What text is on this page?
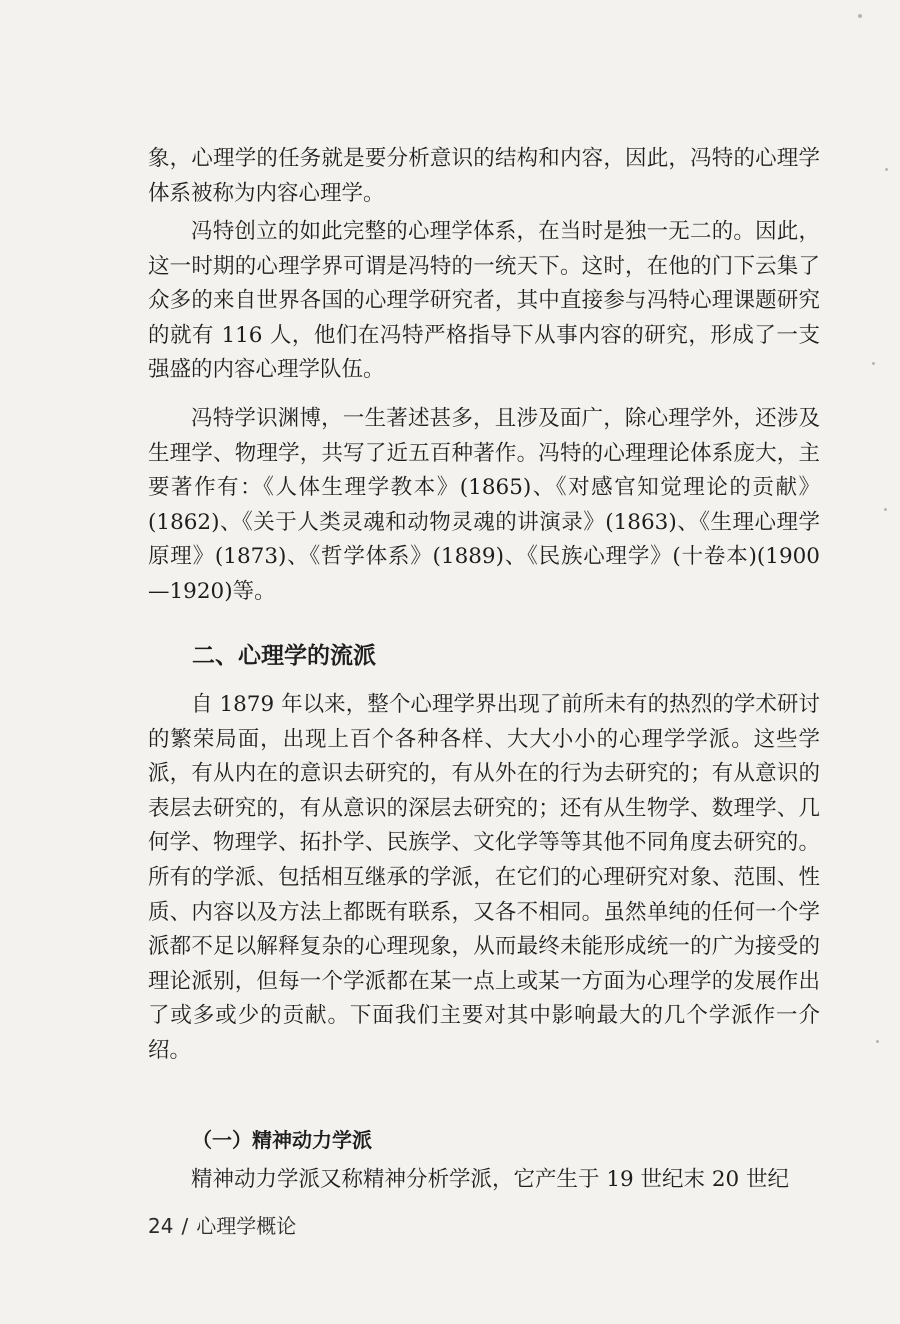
象，心理学的任务就是要分析意识的结构和内容，因此，冯特的心理学体系被称为内容心理学。

冯特创立的如此完整的心理学体系，在当时是独一无二的。因此，这一时期的心理学界可谓是冯特的一统天下。这时，在他的门下云集了众多的来自世界各国的心理学研究者，其中直接参与冯特心理课题研究的就有 116 人，他们在冯特严格指导下从事内容的研究，形成了一支强盛的内容心理学队伍。

冯特学识渊博，一生著述甚多，且涉及面广，除心理学外，还涉及生理学、物理学，共写了近五百种著作。冯特的心理理论体系庞大，主要著作有：《人体生理学教本》(1865)、《对感官知觉理论的贡献》(1862)、《关于人类灵魂和动物灵魂的讲演录》(1863)、《生理心理学原理》(1873)、《哲学体系》(1889)、《民族心理学》(十卷本)(1900—1920)等。

二、心理学的流派

自 1879 年以来，整个心理学界出现了前所未有的热烈的学术研讨的繁荣局面，出现上百个各种各样、大大小小的心理学学派。这些学派，有从内在的意识去研究的，有从外在的行为去研究的；有从意识的表层去研究的，有从意识的深层去研究的；还有从生物学、数理学、几何学、物理学、拓扑学、民族学、文化学等等其他不同角度去研究的。所有的学派、包括相互继承的学派，在它们的心理研究对象、范围、性质、内容以及方法上都既有联系，又各不相同。虽然单纯的任何一个学派都不足以解释复杂的心理现象，从而最终未能形成统一的广为接受的理论派别，但每一个学派都在某一点上或某一方面为心理学的发展作出了或多或少的贡献。下面我们主要对其中影响最大的几个学派作一介绍。

（一）精神动力学派

精神动力学派又称精神分析学派，它产生于 19 世纪末 20 世纪

24 / 心理学概论
